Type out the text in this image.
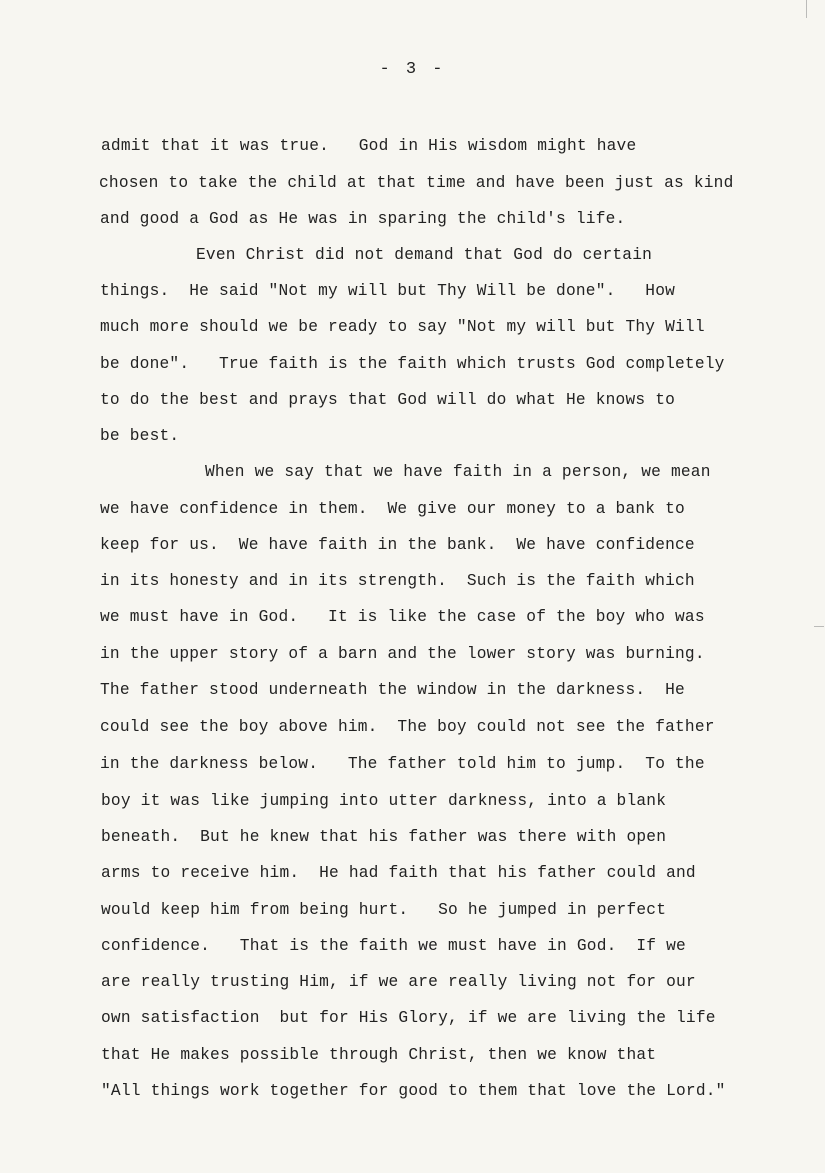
- 3 -
admit that it was true.   God in His wisdom might have
chosen to take the child at that time and have been just as kind
and good a God as He was in sparing the child's life.
Even Christ did not demand that God do certain
things.  He said "Not my will but Thy Will be done".   How
much more should we be ready to say "Not my will but Thy Will
be done".   True faith is the faith which trusts God completely
to do the best and prays that God will do what He knows to
be best.
When we say that we have faith in a person, we mean
we have confidence in them.  We give our money to a bank to
keep for us.  We have faith in the bank.  We have confidence
in its honesty and in its strength.  Such is the faith which
we must have in God.   It is like the case of the boy who was
in the upper story of a barn and the lower story was burning.
The father stood underneath the window in the darkness.  He
could see the boy above him.  The boy could not see the father
in the darkness below.   The father told him to jump.  To the
boy it was like jumping into utter darkness, into a blank
beneath.  But he knew that his father was there with open
arms to receive him.  He had faith that his father could and
would keep him from being hurt.   So he jumped in perfect
confidence.   That is the faith we must have in God.  If we
are really trusting Him, if we are really living not for our
own satisfaction  but for His Glory, if we are living the life
that He makes possible through Christ, then we know that
"All things work together for good to them that love the Lord."
